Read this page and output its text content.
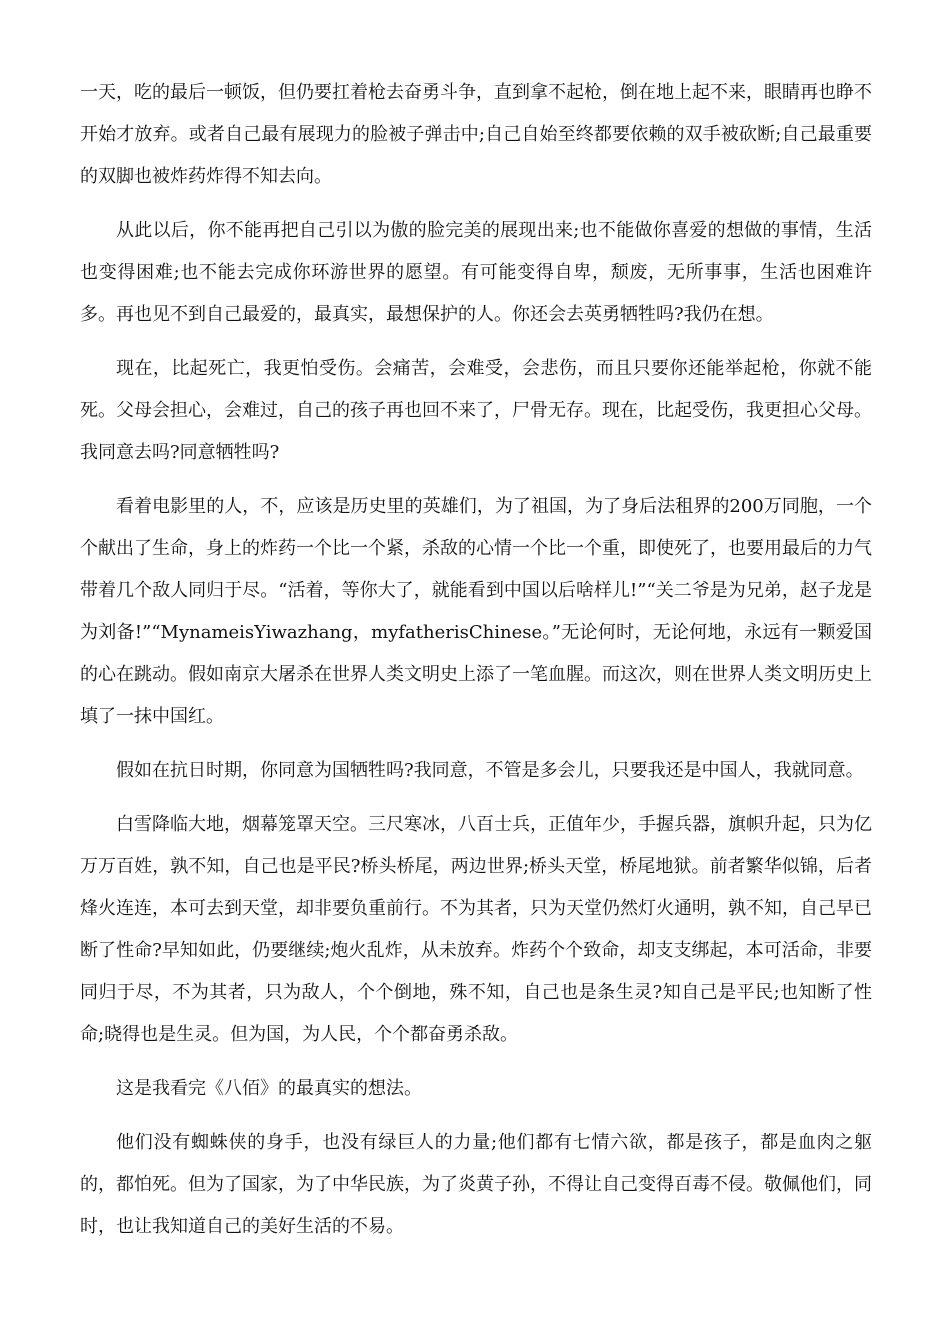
一天，吃的最后一顿饭，但仍要扛着枪去奋勇斗争，直到拿不起枪，倒在地上起不来，眼睛再也睁不开始才放弃。或者自己最有展现力的脸被子弹击中;自己自始至终都要依赖的双手被砍断;自己最重要的双脚也被炸药炸得不知去向。

从此以后，你不能再把自己引以为傲的脸完美的展现出来;也不能做你喜爱的想做的事情，生活也变得困难;也不能去完成你环游世界的愿望。有可能变得自卑，颓废，无所事事，生活也困难许多。再也见不到自己最爱的，最真实，最想保护的人。你还会去英勇牺牲吗?我仍在想。

现在，比起死亡，我更怕受伤。会痛苦，会难受，会悲伤，而且只要你还能举起枪，你就不能死。父母会担心，会难过，自己的孩子再也回不来了，尸骨无存。现在，比起受伤，我更担心父母。我同意去吗?同意牺牲吗?

看着电影里的人，不，应该是历史里的英雄们，为了祖国，为了身后法租界的200万同胞，一个个献出了生命，身上的炸药一个比一个紧，杀敌的心情一个比一个重，即使死了，也要用最后的力气带着几个敌人同归于尽。“活着，等你大了，就能看到中国以后啥样儿!”“关二爷是为兄弟，赵子龙是为刘备!”“MynameisYiwazhang，myfatherisChinese。”无论何时，无论何地，永远有一颗爱国的心在跳动。假如南京大屠杀在世界人类文明史上添了一笔血腥。而这次，则在世界人类文明历史上填了一抹中国红。

假如在抗日时期，你同意为国牺牲吗?我同意，不管是多会儿，只要我还是中国人，我就同意。

白雪降临大地，烟幕笼罩天空。三尺寒冰，八百士兵，正值年少，手握兵器，旗帜升起，只为亿万万百姓，孰不知，自己也是平民?桥头桥尾，两边世界;桥头天堂，桥尾地狱。前者繁华似锦，后者烽火连连，本可去到天堂，却非要负重前行。不为其者，只为天堂仍然灯火通明，孰不知，自己早已断了性命?早知如此，仍要继续;炮火乱炸，从未放弃。炸药个个致命，却支支绑起，本可活命，非要同归于尽，不为其者，只为敌人，个个倒地，殊不知，自己也是条生灵?知自己是平民;也知断了性命;晓得也是生灵。但为国，为人民，个个都奋勇杀敌。

这是我看完《八佰》的最真实的想法。

他们没有蜘蛛侠的身手，也没有绿巨人的力量;他们都有七情六欲，都是孩子，都是血肉之躯的，都怕死。但为了国家，为了中华民族，为了炎黄子孙，不得让自己变得百毒不侵。敬佩他们，同时，也让我知道自己的美好生活的不易。
